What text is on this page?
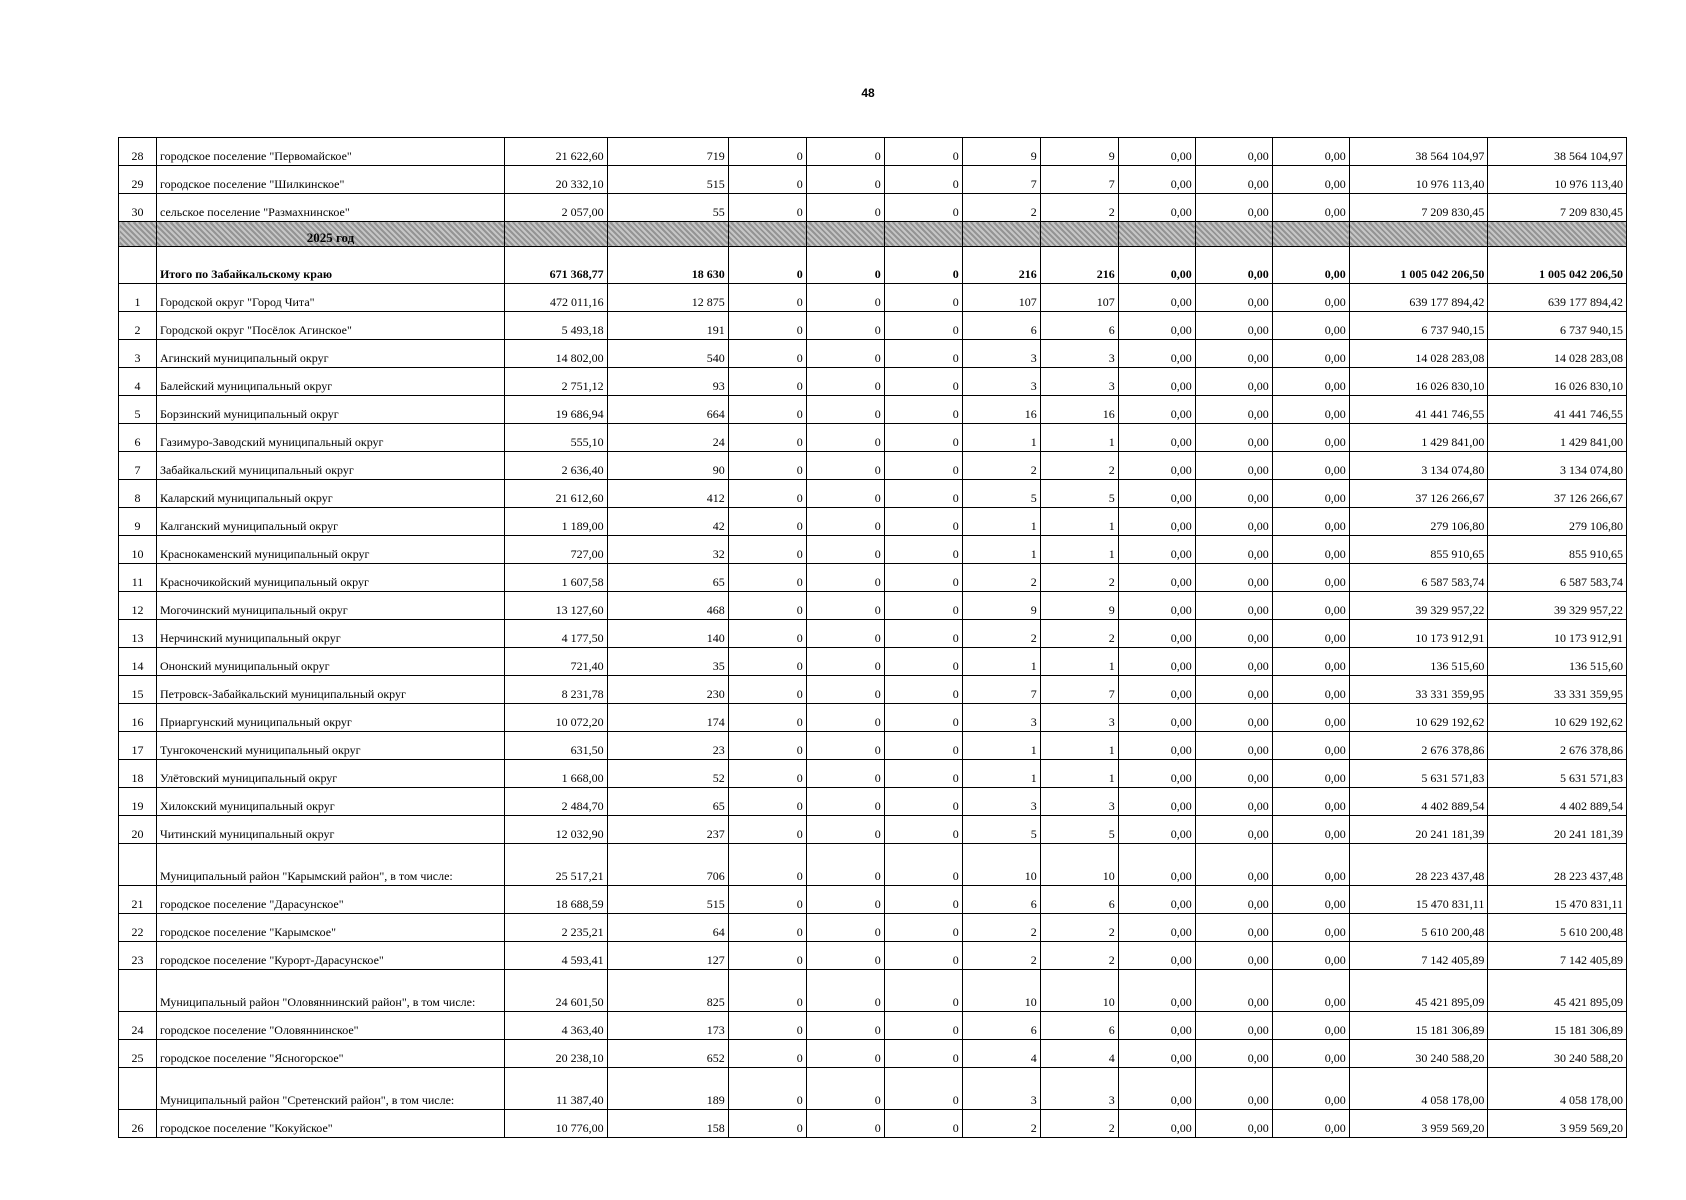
48
28	городское поселение "Первомайское"	21 622,60	719	0	0	0	9	9	0,00	0,00	0,00	38 564 104,97	38 564 104,97
29	городское поселение "Шилкинское"	20 332,10	515	0	0	0	7	7	0,00	0,00	0,00	10 976 113,40	10 976 113,40
30	сельское поселение "Размахнинское"	2 057,00	55	0	0	0	2	2	0,00	0,00	0,00	7 209 830,45	7 209 830,45
	2025 год												
	Итого по Забайкальскому краю	671 368,77	18 630	0	0	0	216	216	0,00	0,00	0,00	1 005 042 206,50	1 005 042 206,50
1	Городской округ "Город Чита"	472 011,16	12 875	0	0	0	107	107	0,00	0,00	0,00	639 177 894,42	639 177 894,42
2	Городской округ "Посёлок Агинское"	5 493,18	191	0	0	0	6	6	0,00	0,00	0,00	6 737 940,15	6 737 940,15
3	Агинский муниципальный округ	14 802,00	540	0	0	0	3	3	0,00	0,00	0,00	14 028 283,08	14 028 283,08
4	Балейский муниципальный округ	2 751,12	93	0	0	0	3	3	0,00	0,00	0,00	16 026 830,10	16 026 830,10
5	Борзинский муниципальный округ	19 686,94	664	0	0	0	16	16	0,00	0,00	0,00	41 441 746,55	41 441 746,55
6	Газимуро-Заводский муниципальный округ	555,10	24	0	0	0	1	1	0,00	0,00	0,00	1 429 841,00	1 429 841,00
7	Забайкальский муниципальный округ	2 636,40	90	0	0	0	2	2	0,00	0,00	0,00	3 134 074,80	3 134 074,80
8	Каларский муниципальный округ	21 612,60	412	0	0	0	5	5	0,00	0,00	0,00	37 126 266,67	37 126 266,67
9	Калганский муниципальный округ	1 189,00	42	0	0	0	1	1	0,00	0,00	0,00	279 106,80	279 106,80
10	Краснокаменский муниципальный округ	727,00	32	0	0	0	1	1	0,00	0,00	0,00	855 910,65	855 910,65
11	Красночикойский муниципальный округ	1 607,58	65	0	0	0	2	2	0,00	0,00	0,00	6 587 583,74	6 587 583,74
12	Могочинский муниципальный округ	13 127,60	468	0	0	0	9	9	0,00	0,00	0,00	39 329 957,22	39 329 957,22
13	Нерчинский муниципальный округ	4 177,50	140	0	0	0	2	2	0,00	0,00	0,00	10 173 912,91	10 173 912,91
14	Ононский муниципальный округ	721,40	35	0	0	0	1	1	0,00	0,00	0,00	136 515,60	136 515,60
15	Петровск-Забайкальский муниципальный округ	8 231,78	230	0	0	0	7	7	0,00	0,00	0,00	33 331 359,95	33 331 359,95
16	Приаргунский муниципальный округ	10 072,20	174	0	0	0	3	3	0,00	0,00	0,00	10 629 192,62	10 629 192,62
17	Тунгокоченский муниципальный округ	631,50	23	0	0	0	1	1	0,00	0,00	0,00	2 676 378,86	2 676 378,86
18	Улётовский муниципальный округ	1 668,00	52	0	0	0	1	1	0,00	0,00	0,00	5 631 571,83	5 631 571,83
19	Хилокский муниципальный округ	2 484,70	65	0	0	0	3	3	0,00	0,00	0,00	4 402 889,54	4 402 889,54
20	Читинский муниципальный округ	12 032,90	237	0	0	0	5	5	0,00	0,00	0,00	20 241 181,39	20 241 181,39
	Муниципальный район "Карымский район", в том числе:	25 517,21	706	0	0	0	10	10	0,00	0,00	0,00	28 223 437,48	28 223 437,48
21	городское поселение "Дарасунское"	18 688,59	515	0	0	0	6	6	0,00	0,00	0,00	15 470 831,11	15 470 831,11
22	городское поселение "Карымское"	2 235,21	64	0	0	0	2	2	0,00	0,00	0,00	5 610 200,48	5 610 200,48
23	городское поселение "Курорт-Дарасунское"	4 593,41	127	0	0	0	2	2	0,00	0,00	0,00	7 142 405,89	7 142 405,89
	Муниципальный район "Оловяннинский район", в том числе:	24 601,50	825	0	0	0	10	10	0,00	0,00	0,00	45 421 895,09	45 421 895,09
24	городское поселение "Оловяннинское"	4 363,40	173	0	0	0	6	6	0,00	0,00	0,00	15 181 306,89	15 181 306,89
25	городское поселение "Ясногорское"	20 238,10	652	0	0	0	4	4	0,00	0,00	0,00	30 240 588,20	30 240 588,20
	Муниципальный район "Сретенский район", в том числе:	11 387,40	189	0	0	0	3	3	0,00	0,00	0,00	4 058 178,00	4 058 178,00
26	городское поселение "Кокуйское"	10 776,00	158	0	0	0	2	2	0,00	0,00	0,00	3 959 569,20	3 959 569,20
